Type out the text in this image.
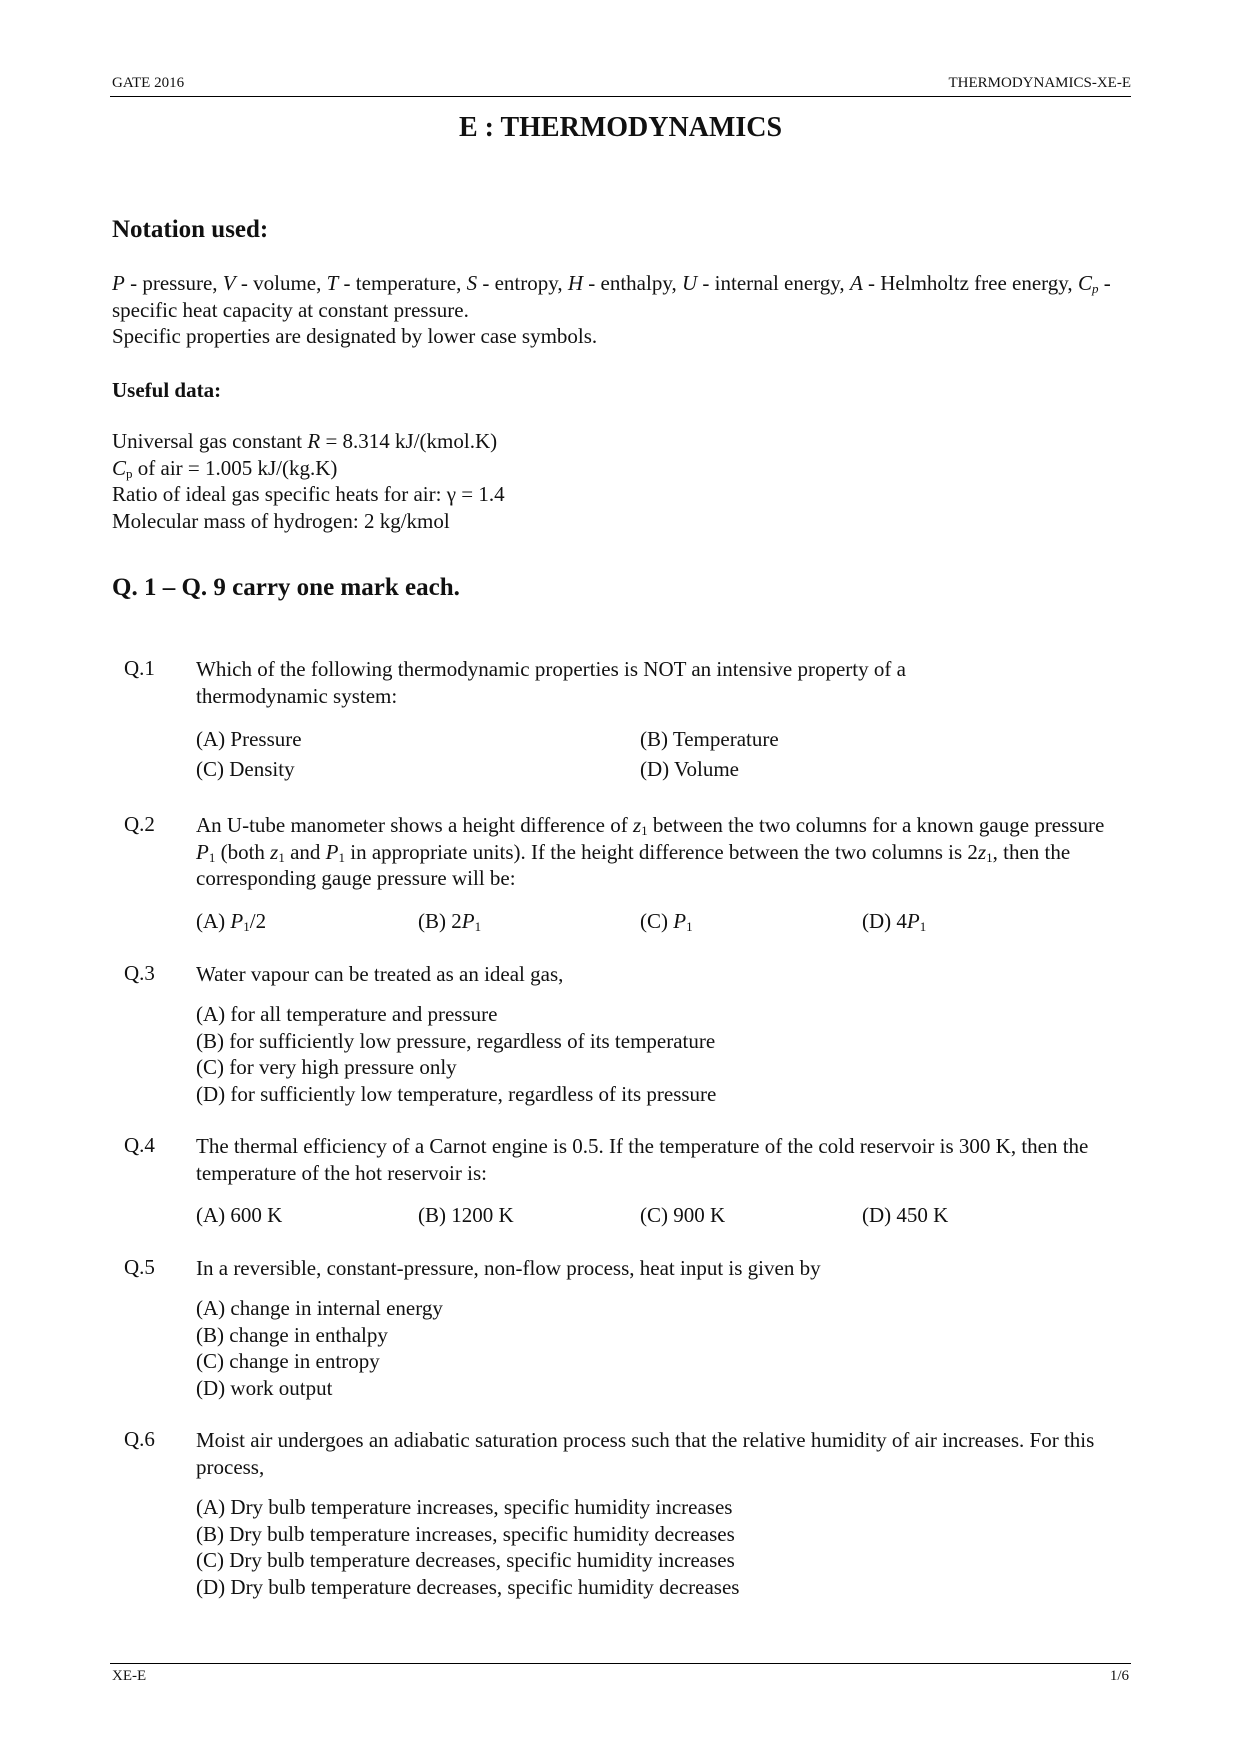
GATE 2016	THERMODYNAMICS-XE-E
E : THERMODYNAMICS
Notation used:
P - pressure, V - volume, T - temperature, S - entropy, H - enthalpy, U - internal energy, A - Helmholtz free energy, $C_p$ - specific heat capacity at constant pressure.
Specific properties are designated by lower case symbols.
Useful data:
Universal gas constant R = 8.314 kJ/(kmol.K)
$C_p$ of air = 1.005 kJ/(kg.K)
Ratio of ideal gas specific heats for air: γ = 1.4
Molecular mass of hydrogen: 2 kg/kmol
Q. 1 – Q. 9 carry one mark each.
Q.1 Which of the following thermodynamic properties is NOT an intensive property of a thermodynamic system:
(A) Pressure	(B) Temperature
(C) Density	(D) Volume
Q.2 An U-tube manometer shows a height difference of $z_1$ between the two columns for a known gauge pressure $P_1$ (both $z_1$ and $P_1$ in appropriate units). If the height difference between the two columns is $2z_1$, then the corresponding gauge pressure will be:
(A) $P_1/2$	(B) $2P_1$	(C) $P_1$	(D) $4P_1$
Q.3 Water vapour can be treated as an ideal gas,
(A) for all temperature and pressure
(B) for sufficiently low pressure, regardless of its temperature
(C) for very high pressure only
(D) for sufficiently low temperature, regardless of its pressure
Q.4 The thermal efficiency of a Carnot engine is 0.5. If the temperature of the cold reservoir is 300 K, then the temperature of the hot reservoir is:
(A) 600 K	(B) 1200 K	(C) 900 K	(D) 450 K
Q.5 In a reversible, constant-pressure, non-flow process, heat input is given by
(A) change in internal energy
(B) change in enthalpy
(C) change in entropy
(D) work output
Q.6 Moist air undergoes an adiabatic saturation process such that the relative humidity of air increases. For this process,
(A) Dry bulb temperature increases, specific humidity increases
(B) Dry bulb temperature increases, specific humidity decreases
(C) Dry bulb temperature decreases, specific humidity increases
(D) Dry bulb temperature decreases, specific humidity decreases
XE-E	1/6
